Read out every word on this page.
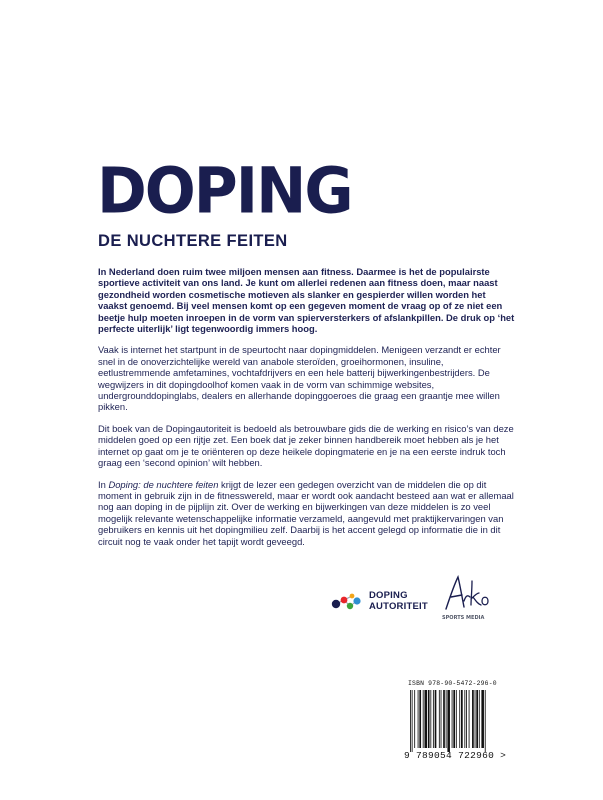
DOPING
DE NUCHTERE FEITEN

In Nederland doen ruim twee miljoen mensen aan fitness. Daarmee is het de populairste sportieve activiteit van ons land. Je kunt om allerlei redenen aan fitness doen, maar naast gezondheid worden cosmetische motieven als slanker en gespierder willen worden het vaakst genoemd. Bij veel mensen komt op een gegeven moment de vraag op of ze niet een beetje hulp moeten inroepen in de vorm van spierversterkers of afslankpillen. De druk op ‘het perfecte uiterlijk’ ligt tegenwoordig immers hoog.

Vaak is internet het startpunt in de speurtocht naar dopingmiddelen. Menigeen verzandt er echter snel in de onoverzichtelijke wereld van anabole steroïden, groeihormonen, insuline, eetlustremmende amfetamines, vochtafdrijvers en een hele batterij bijwerkingenbestrijders. De wegwijzers in dit dopingdoolhof komen vaak in de vorm van schimmige websites, undergrounddopinglabs, dealers en allerhande dopinggoeroes die graag een graantje mee willen pikken.

Dit boek van de Dopingautoriteit is bedoeld als betrouwbare gids die de werking en risico’s van deze middelen goed op een rijtje zet. Een boek dat je zeker binnen handbereik moet hebben als je het internet op gaat om je te oriënteren op deze heikele dopingmaterie en je na een eerste indruk toch graag een ‘second opinion’ wilt hebben.

In Doping: de nuchtere feiten krijgt de lezer een gedegen overzicht van de middelen die op dit moment in gebruik zijn in de fitnesswereld, maar er wordt ook aandacht besteed aan wat er allemaal nog aan doping in de pijplijn zit. Over de werking en bijwerkingen van deze middelen is zo veel mogelijk relevante wetenschappelijke informatie verzameld, aangevuld met praktijkervaringen van gebruikers en kennis uit het dopingmilieu zelf. Daarbij is het accent gelegd op informatie die in dit circuit nog te vaak onder het tapijt wordt geveegd.

DOPING
AUTORITEIT
SPORTS MEDIA
ISBN 978-90-5472-296-0
9 789054 722960 >
